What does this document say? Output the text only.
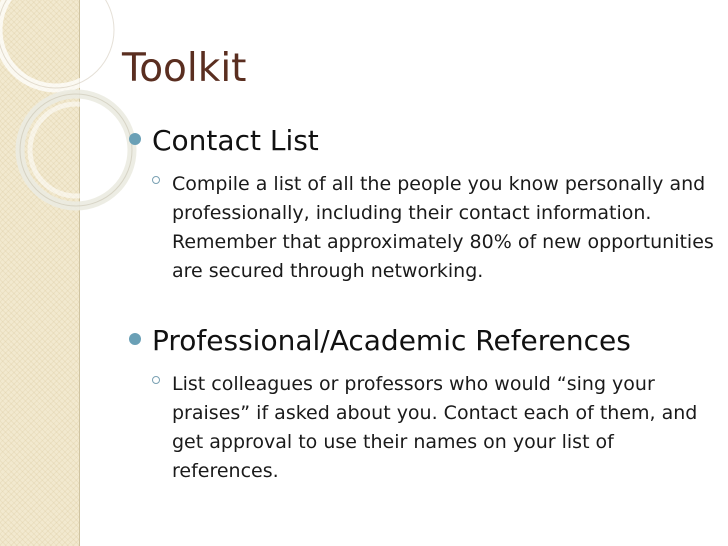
Toolkit
Contact List
Compile a list of all the people you know personally and professionally, including their contact information. Remember that approximately 80% of new opportunities are secured through networking.
Professional/Academic References
List colleagues or professors who would “sing your praises” if asked about you. Contact each of them, and get approval to use their names on your list of references.
